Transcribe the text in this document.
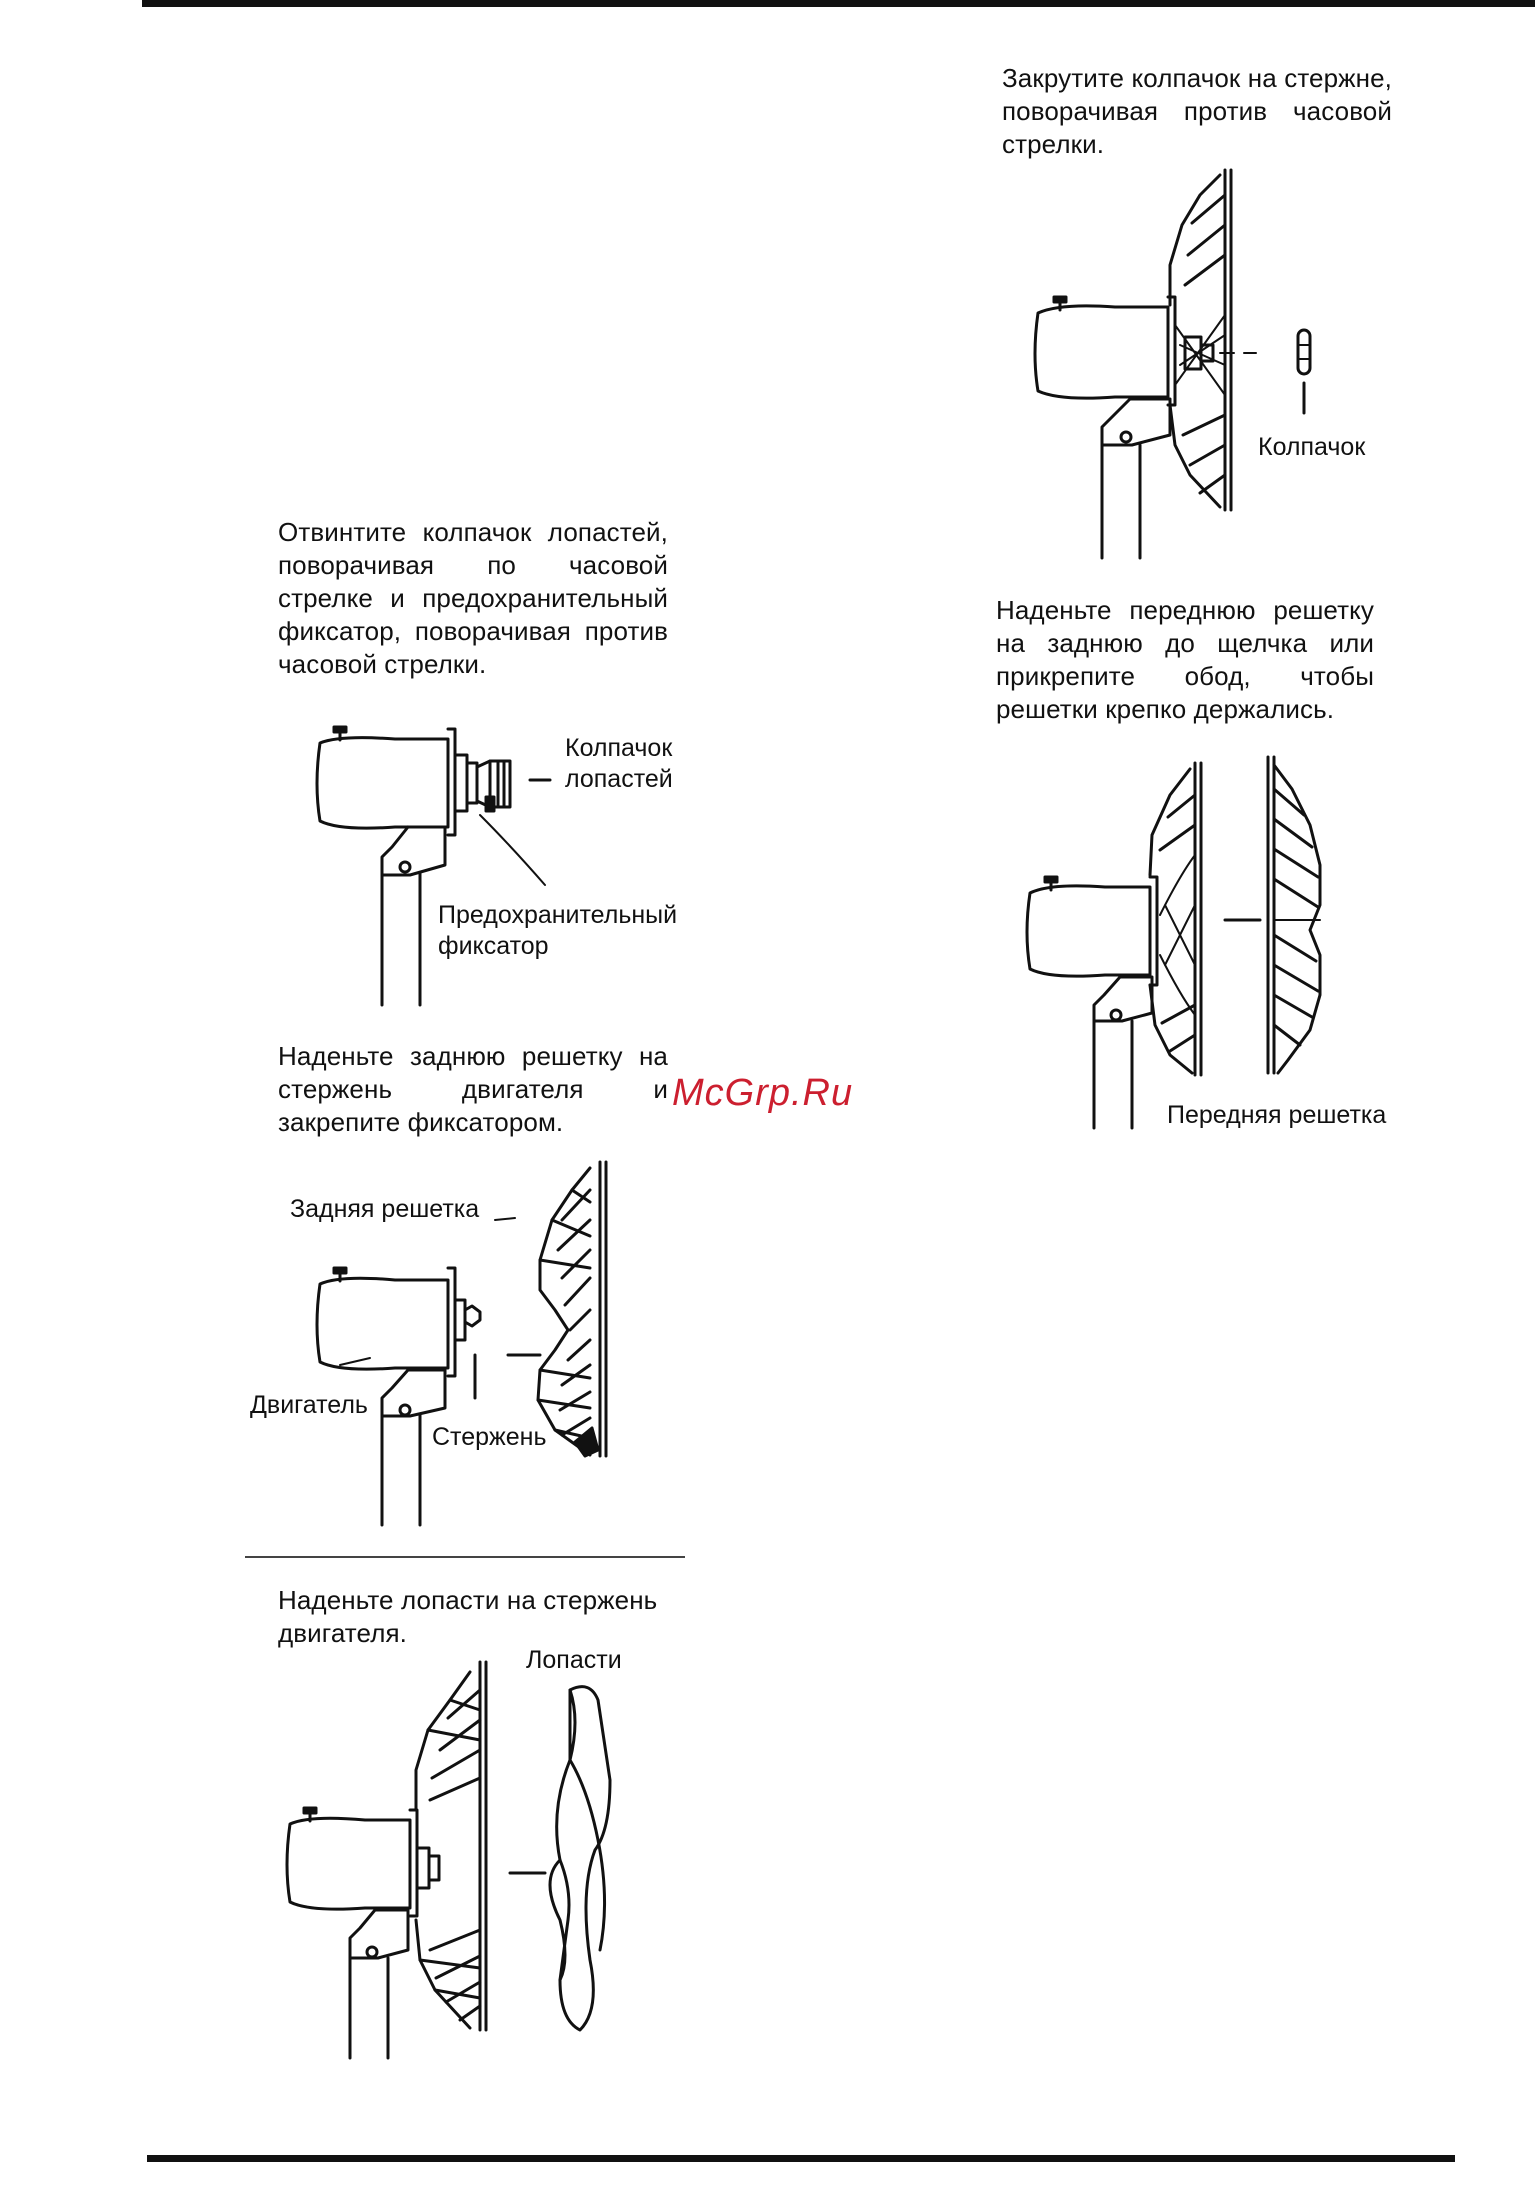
Отвинтите колпачок лопастей, поворачивая по часовой стрелке и предохранительный фиксатор, поворачивая против часовой стрелки.
Колпачок
лопастей
Предохранительный
фиксатор
Наденьте заднюю решетку на стержень двигателя и закрепите фиксатором.
McGrp.Ru
Задняя решетка
Двигатель
Стержень
Наденьте лопасти на стержень двигателя.
Лопасти
Закрутите колпачок на стержне, поворачивая против часовой стрелки.
Колпачок
Наденьте переднюю решетку на заднюю до щелчка или прикрепите обод, чтобы решетки крепко держались.
Передняя решетка
